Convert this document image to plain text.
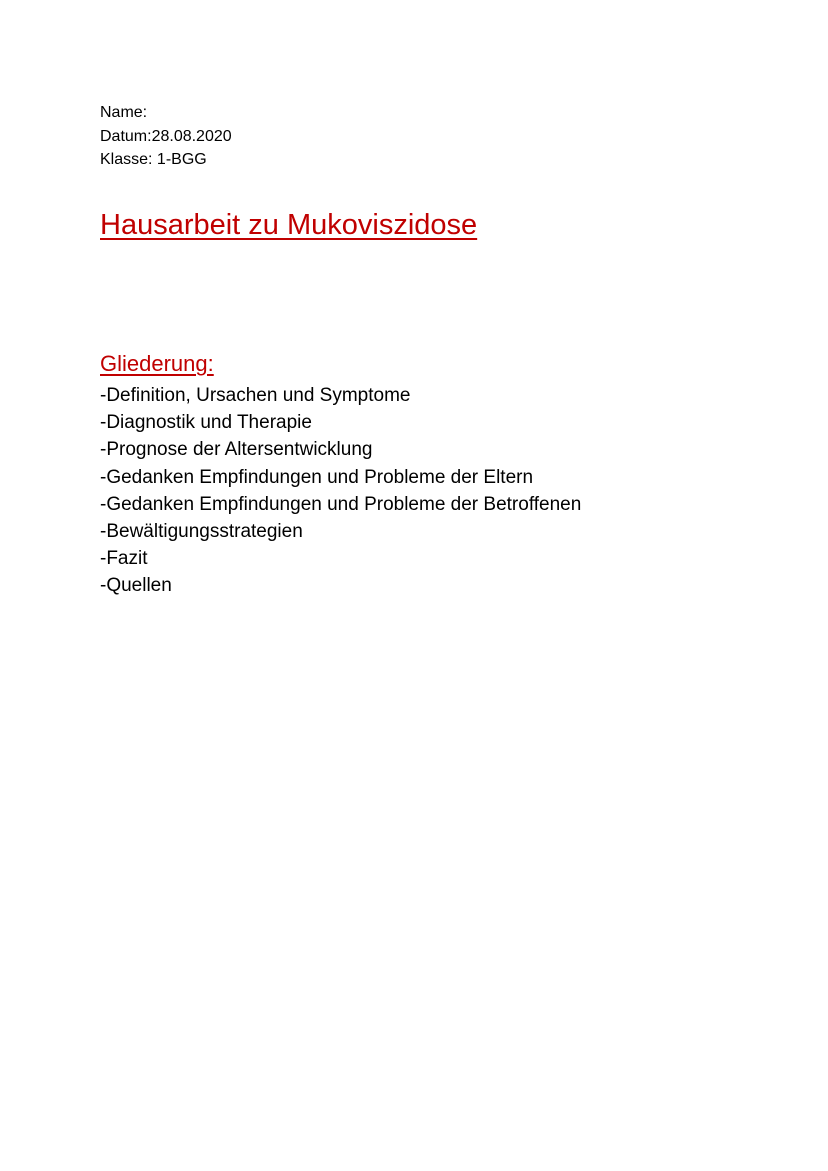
Name:
Datum:28.08.2020
Klasse: 1-BGG
Hausarbeit zu Mukoviszidose
Gliederung:
-Definition, Ursachen und Symptome
-Diagnostik und Therapie
-Prognose der Altersentwicklung
-Gedanken Empfindungen und Probleme der Eltern
-Gedanken Empfindungen und Probleme der Betroffenen
-Bewältigungsstrategien
-Fazit
-Quellen
